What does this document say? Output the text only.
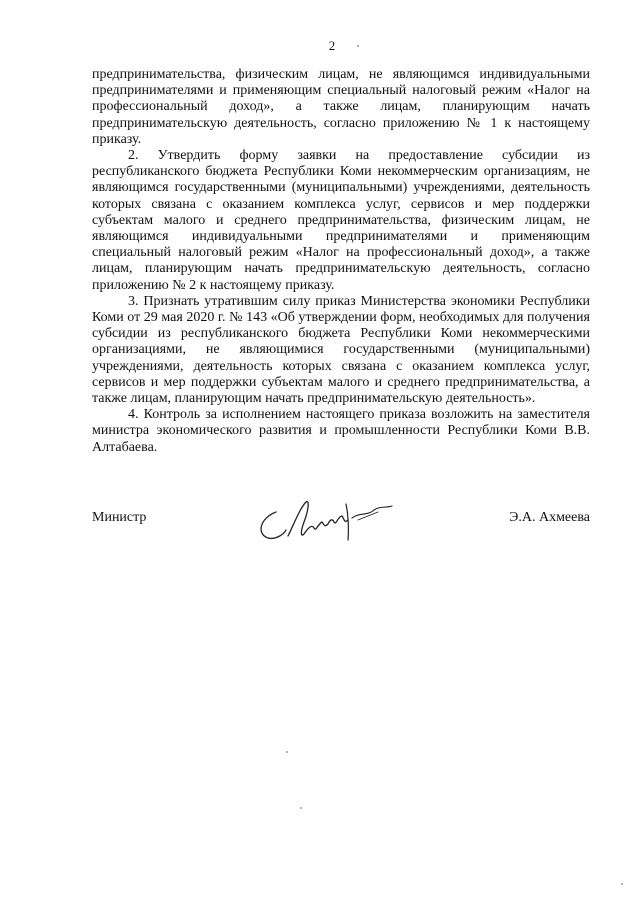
2

предпринимательства, физическим лицам, не являющимся индивидуальными предпринимателями и применяющим специальный налоговый режим «Налог на профессиональный доход», а также лицам, планирующим начать предпринимательскую деятельность, согласно приложению № 1 к настоящему приказу.

2. Утвердить форму заявки на предоставление субсидии из республиканского бюджета Республики Коми некоммерческим организациям, не являющимся государственными (муниципальными) учреждениями, деятельность которых связана с оказанием комплекса услуг, сервисов и мер поддержки субъектам малого и среднего предпринимательства, физическим лицам, не являющимся индивидуальными предпринимателями и применяющим специальный налоговый режим «Налог на профессиональный доход», а также лицам, планирующим начать предпринимательскую деятельность, согласно приложению № 2 к настоящему приказу.

3. Признать утратившим силу приказ Министерства экономики Республики Коми от 29 мая 2020 г. № 143 «Об утверждении форм, необходимых для получения субсидии из республиканского бюджета Республики Коми некоммерческими организациями, не являющимися государственными (муниципальными) учреждениями, деятельность которых связана с оказанием комплекса услуг, сервисов и мер поддержки субъектам малого и среднего предпринимательства, а также лицам, планирующим начать предпринимательскую деятельность».

4. Контроль за исполнением настоящего приказа возложить на заместителя министра экономического развития и промышленности Республики Коми В.В. Алтабаева.

Министр	Э.А. Ахмеева
